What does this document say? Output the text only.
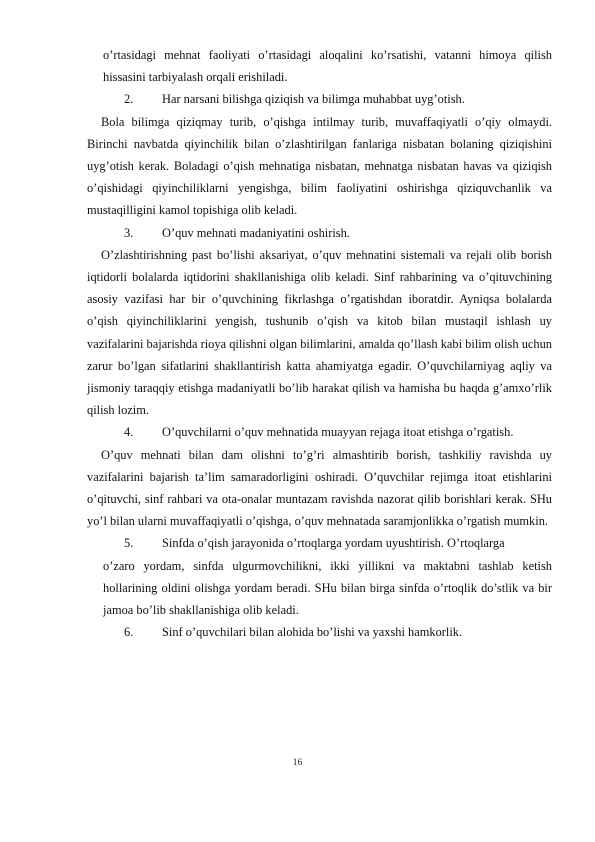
o’rtasidagi mehnat faoliyati o’rtasidagi aloqalini ko’rsatishi, vatanni himoya qilish hissasini tarbiyalash orqali erishiladi.

2.	Har narsani bilishga qiziqish va bilimga muhabbat uyg’otish.

Bola bilimga qiziqmay turib, o’qishga intilmay turib, muvaffaqiyatli o’qiy olmaydi. Birinchi navbatda qiyinchilik bilan o’zlashtirilgan fanlariga nisbatan bolaning qiziqishini uyg’otish kerak. Boladagi o’qish mehnatiga nisbatan, mehnatga nisbatan havas va qiziqish o’qishidagi qiyinchiliklarni yengishga, bilim faoliyatini oshirishga qiziquvchanlik va mustaqilligini kamol topishiga olib keladi.

3.	O’quv mehnati madaniyatini oshirish.

O’zlashtirishning past bo’lishi aksariyat, o’quv mehnatini sistemali va rejali olib borish iqtidorli bolalarda iqtidorini shakllanishiga olib keladi. Sinf rahbarining va o’qituvchining asosiy vazifasi har bir o’quvchining fikrlashga o’rgatishdan iboratdir. Ayniqsa bolalarda o’qish qiyinchiliklarini yengish, tushunib o’qish va kitob bilan mustaqil ishlash uy vazifalarini bajarishda rioya qilishni olgan bilimlarini, amalda qo’llash kabi bilim olish uchun zarur bo’lgan sifatlarini shakllantirish katta ahamiyatga egadir. O’quvchilarniyag aqliy va jismoniy taraqqiy etishga madaniyatli bo’lib harakat qilish va hamisha bu haqda g’amxo’rlik qilish lozim.

4.	O’quvchilarni o’quv mehnatida muayyan rejaga itoat etishga o’rgatish.

O’quv mehnati bilan dam olishni to’g’ri almashtirib borish, tashkiliy ravishda uy vazifalarini bajarish ta’lim samaradorligini oshiradi. O’quvchilar rejimga itoat etishlarini o’qituvchi, sinf rahbari va ota-onalar muntazam ravishda nazorat qilib borishlari kerak. SHu yo’l bilan ularni muvaffaqiyatli o’qishga, o’quv mehnatada saramjonlikka o’rgatish mumkin.

5.	Sinfda o’qish jarayonida o’rtoqlarga yordam uyushtirish. O’rtoqlarga

o’zaro yordam, sinfda ulgurmovchilikni, ikki yillikni va maktabni tashlab ketish hollarining oldini olishga yordam beradi. SHu bilan birga sinfda o’rtoqlik do’stlik va bir jamoa bo’lib shakllanishiga olib keladi.

6.	Sinf o’quvchilari bilan alohida bo’lishi va yaxshi hamkorlik.
16
